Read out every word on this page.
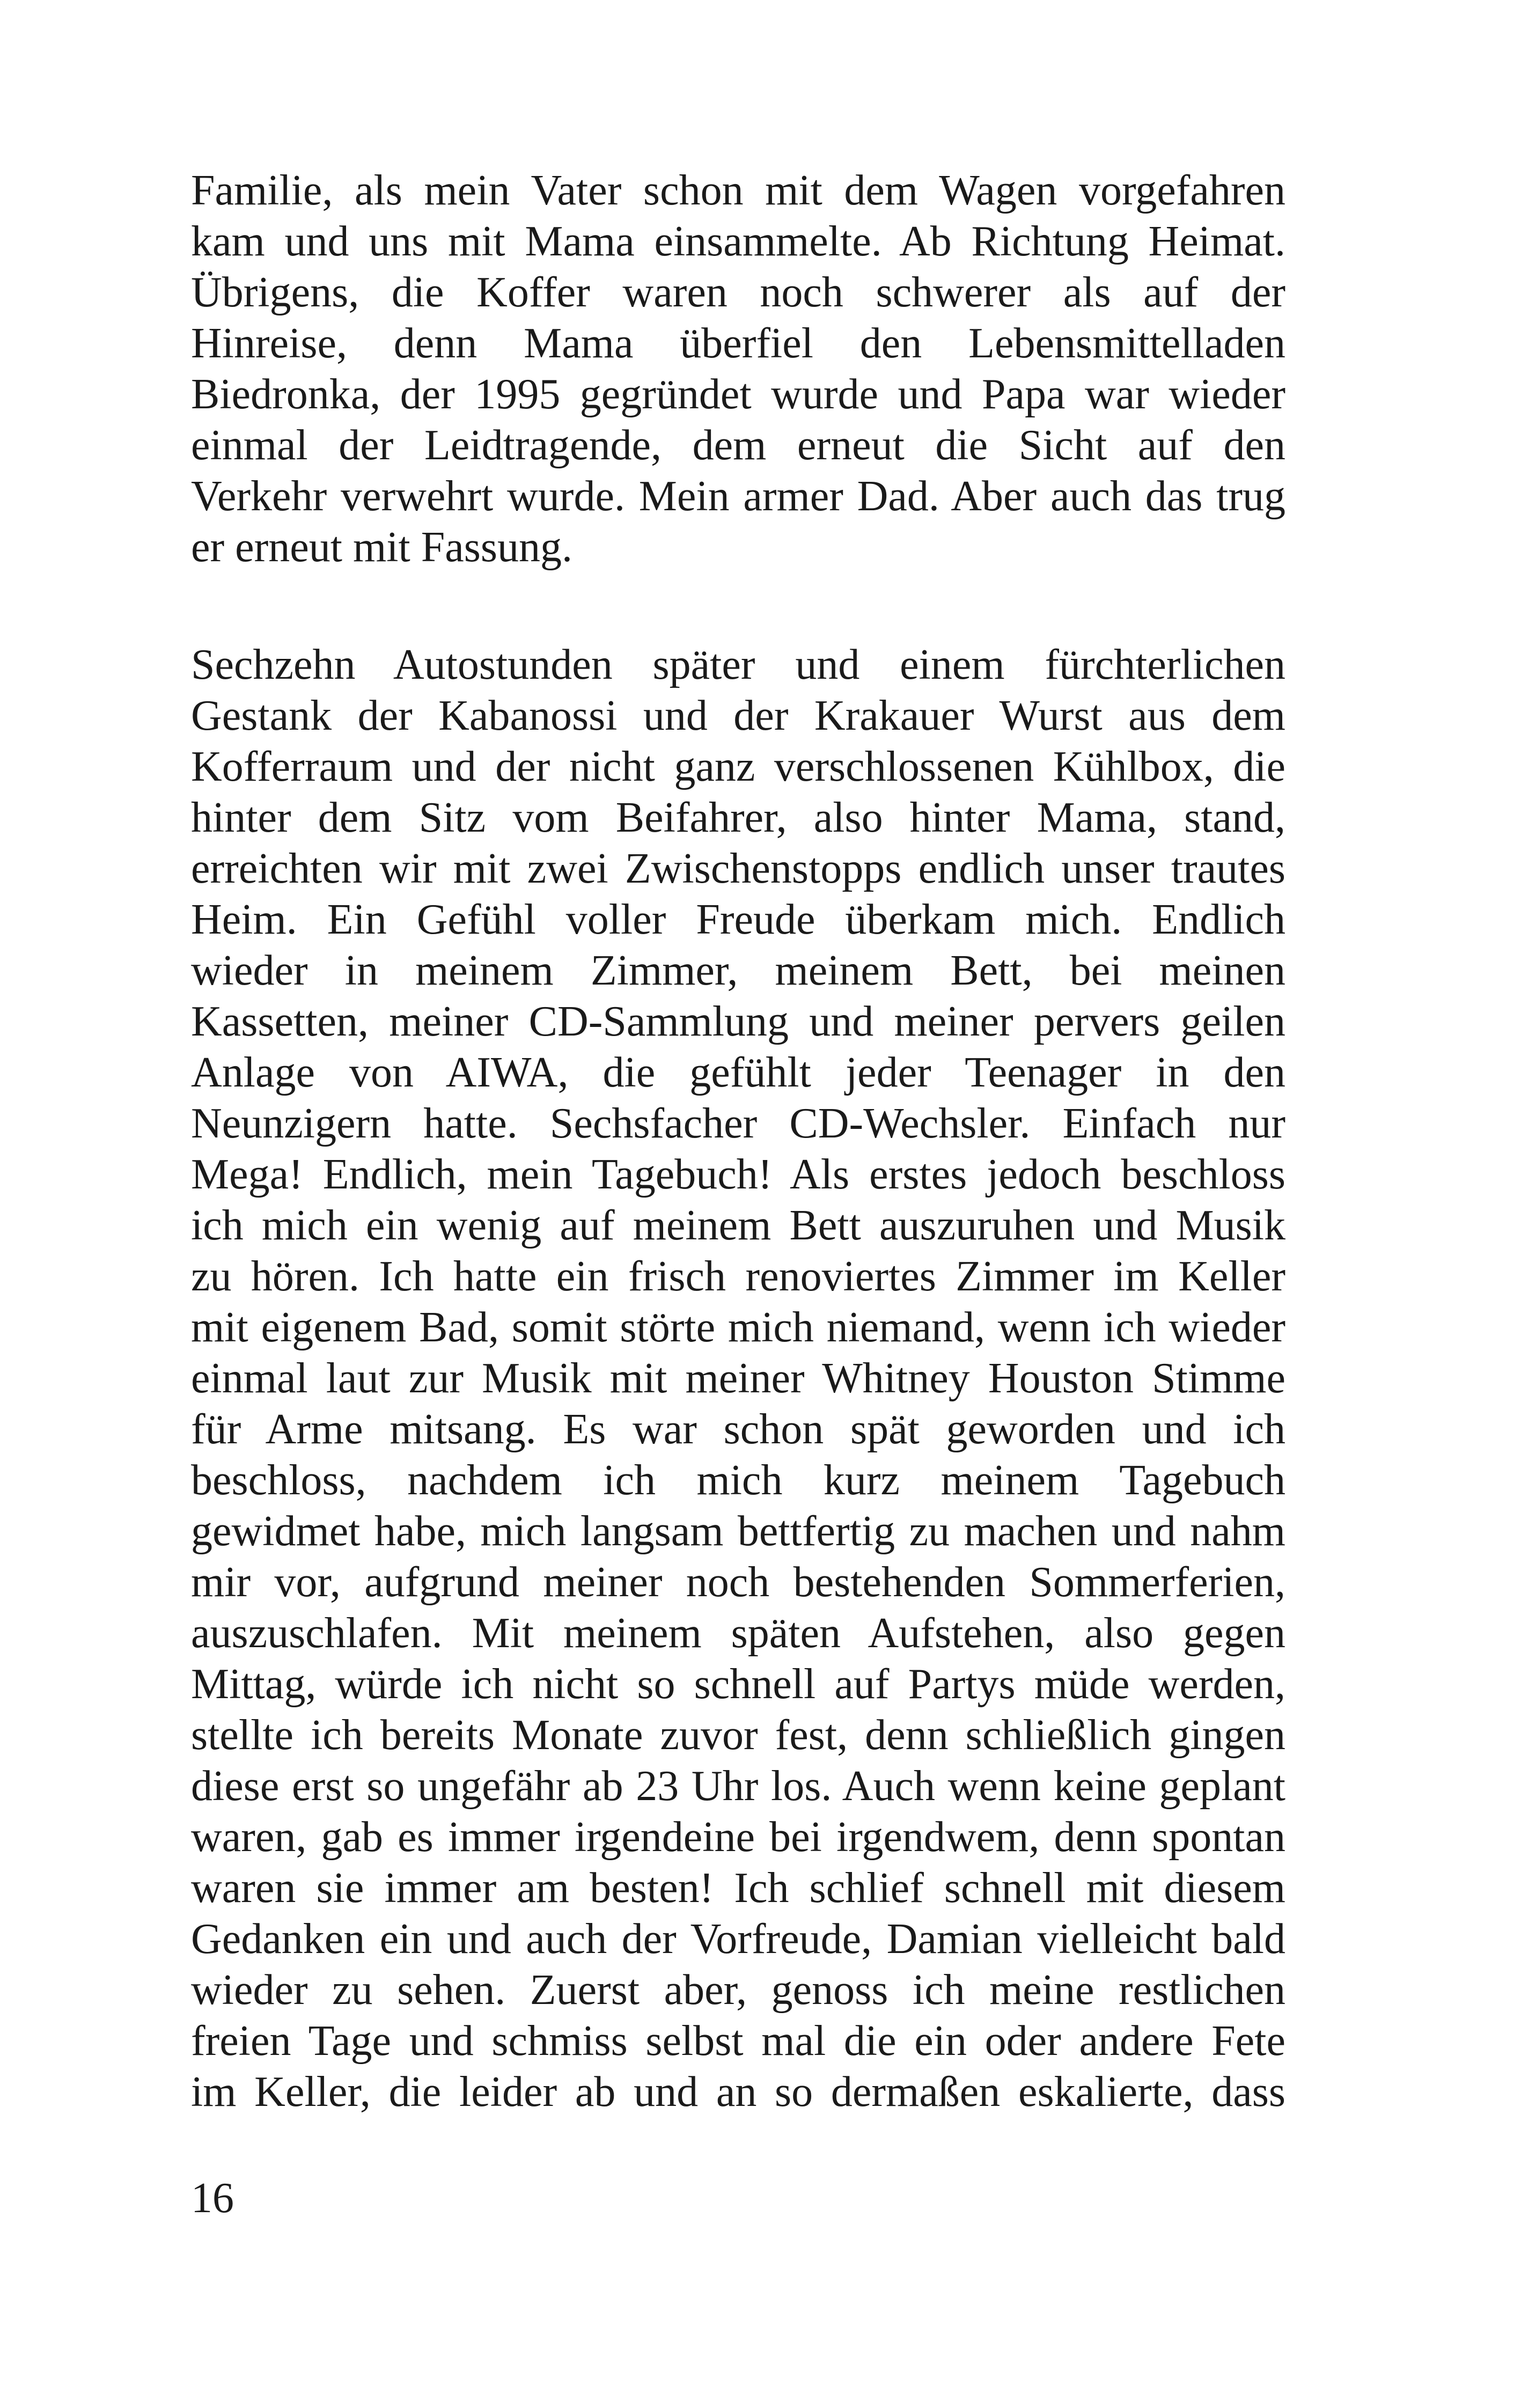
Familie, als mein Vater schon mit dem Wagen vorgefahren
kam und uns mit Mama einsammelte. Ab Richtung Heimat.
Übrigens, die Koffer waren noch schwerer als auf der
Hinreise, denn Mama überfiel den Lebensmittelladen
Biedronka, der 1995 gegründet wurde und Papa war wieder
einmal der Leidtragende, dem erneut die Sicht auf den
Verkehr verwehrt wurde. Mein armer Dad. Aber auch das trug
er erneut mit Fassung.
Sechzehn Autostunden später und einem fürchterlichen
Gestank der Kabanossi und der Krakauer Wurst aus dem
Kofferraum und der nicht ganz verschlossenen Kühlbox, die
hinter dem Sitz vom Beifahrer, also hinter Mama, stand,
erreichten wir mit zwei Zwischenstopps endlich unser trautes
Heim. Ein Gefühl voller Freude überkam mich. Endlich
wieder in meinem Zimmer, meinem Bett, bei meinen
Kassetten, meiner CD-Sammlung und meiner pervers geilen
Anlage von AIWA, die gefühlt jeder Teenager in den
Neunzigern hatte. Sechsfacher CD-Wechsler. Einfach nur
Mega! Endlich, mein Tagebuch! Als erstes jedoch beschloss
ich mich ein wenig auf meinem Bett auszuruhen und Musik
zu hören. Ich hatte ein frisch renoviertes Zimmer im Keller
mit eigenem Bad, somit störte mich niemand, wenn ich wieder
einmal laut zur Musik mit meiner Whitney Houston Stimme
für Arme mitsang. Es war schon spät geworden und ich
beschloss, nachdem ich mich kurz meinem Tagebuch
gewidmet habe, mich langsam bettfertig zu machen und nahm
mir vor, aufgrund meiner noch bestehenden Sommerferien,
auszuschlafen. Mit meinem späten Aufstehen, also gegen
Mittag, würde ich nicht so schnell auf Partys müde werden,
stellte ich bereits Monate zuvor fest, denn schließlich gingen
diese erst so ungefähr ab 23 Uhr los. Auch wenn keine geplant
waren, gab es immer irgendeine bei irgendwem, denn spontan
waren sie immer am besten! Ich schlief schnell mit diesem
Gedanken ein und auch der Vorfreude, Damian vielleicht bald
wieder zu sehen. Zuerst aber, genoss ich meine restlichen
freien Tage und schmiss selbst mal die ein oder andere Fete
im Keller, die leider ab und an so dermaßen eskalierte, dass
16
